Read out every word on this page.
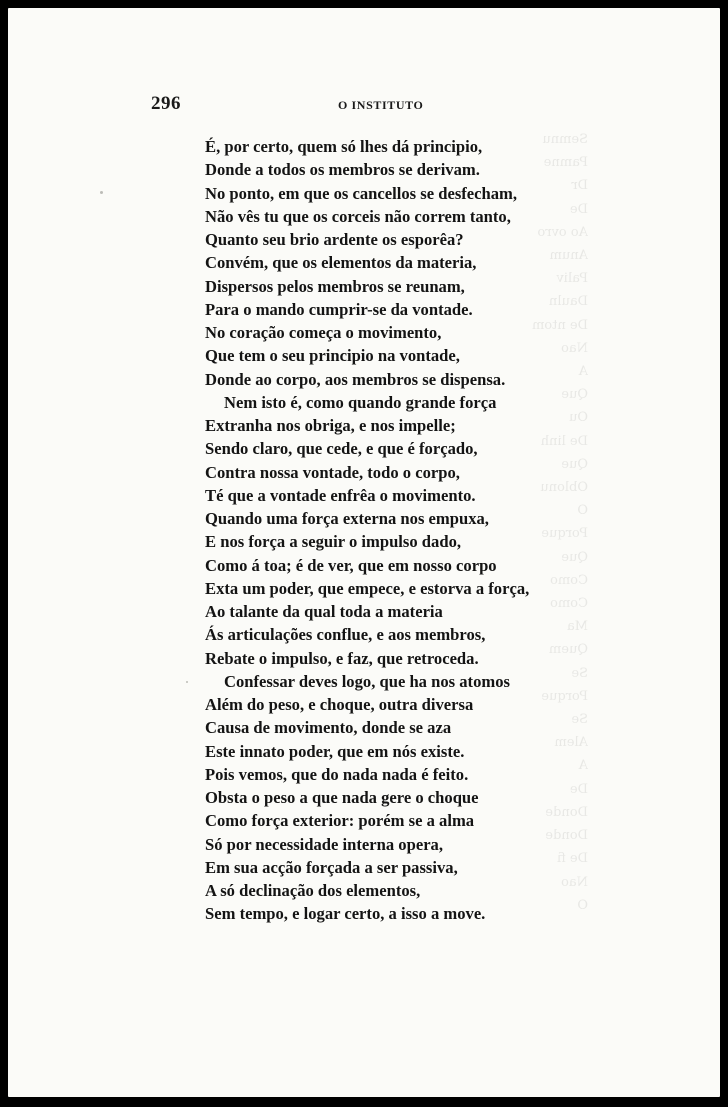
Semnu
Pamne
Dr
De
Ao ovro
Anum
Paliv
Dauln
De ntom
Nao
A
Que
Ou
De linh
Que
Oblonu
O
Porque
Que
Como
Como
Ma
Quem
Se
Porque
Se
Alem
A
De
Donde
Donde
De fi
Nao
O
296	O INSTITUTO
É, por certo, quem só lhes dá principio,
Donde a todos os membros se derivam.
No ponto, em que os cancellos se desfecham,
Não vês tu que os corceis não correm tanto,
Quanto seu brio ardente os esporêa?
Convém, que os elementos da materia,
Dispersos pelos membros se reunam,
Para o mando cumprir-se da vontade.
No coração começa o movimento,
Que tem o seu principio na vontade,
Donde ao corpo, aos membros se dispensa.
Nem isto é, como quando grande força
Extranha nos obriga, e nos impelle;
Sendo claro, que cede, e que é forçado,
Contra nossa vontade, todo o corpo,
Té que a vontade enfrêa o movimento.
Quando uma força externa nos empuxa,
E nos força a seguir o impulso dado,
Como á toa; é de ver, que em nosso corpo
Exta um poder, que empece, e estorva a força,
Ao talante da qual toda a materia
Ás articulações conflue, e aos membros,
Rebate o impulso, e faz, que retroceda.
Confessar deves logo, que ha nos atomos
Além do peso, e choque, outra diversa
Causa de movimento, donde se aza
Este innato poder, que em nós existe.
Pois vemos, que do nada nada é feito.
Obsta o peso a que nada gere o choque
Como força exterior: porém se a alma
Só por necessidade interna opera,
Em sua acção forçada a ser passiva,
A só declinação dos elementos,
Sem tempo, e logar certo, a isso a move.
